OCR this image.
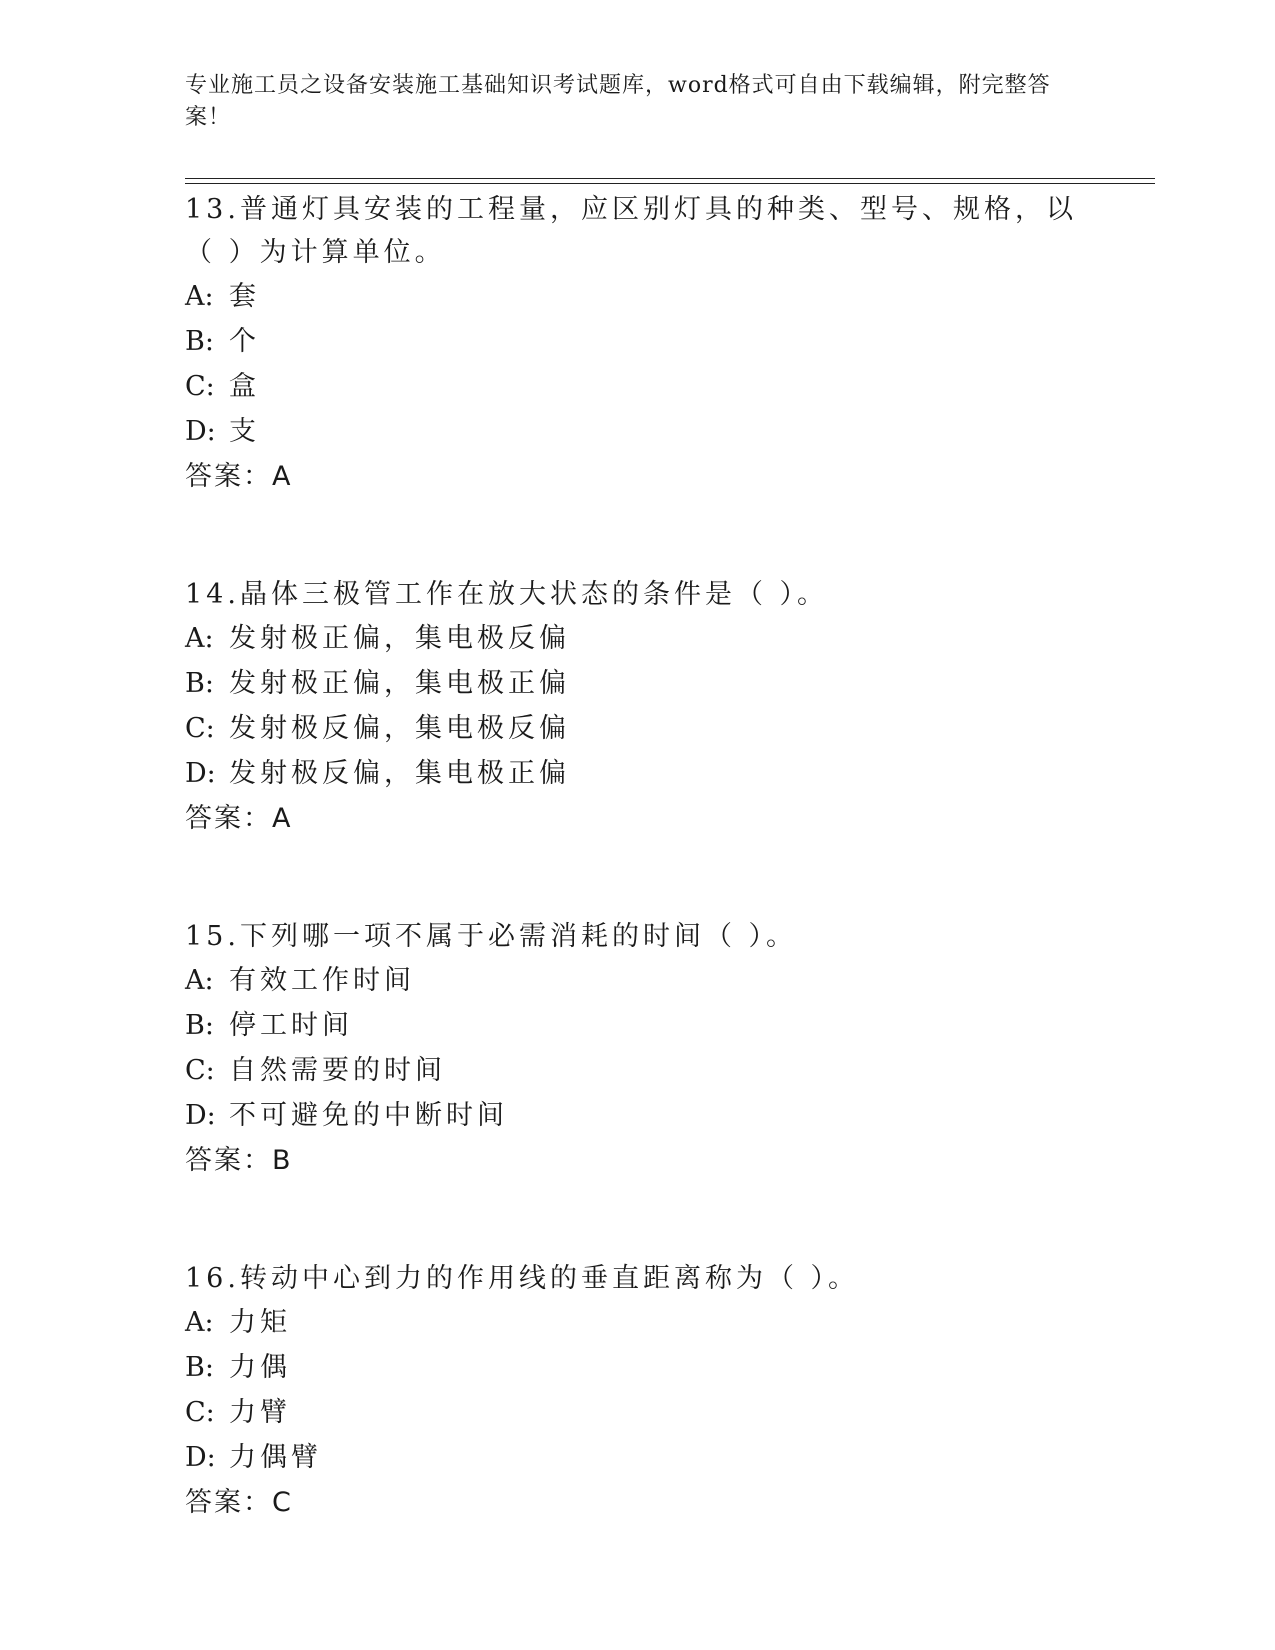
专业施工员之设备安装施工基础知识考试题库，word格式可自由下载编辑，附完整答案！
13.普通灯具安装的工程量，应区别灯具的种类、型号、规格，以（ ）为计算单位。
A: 套
B: 个
C: 盒
D: 支
答案：A
14.晶体三极管工作在放大状态的条件是（ ）。
A: 发射极正偏，集电极反偏
B: 发射极正偏，集电极正偏
C: 发射极反偏，集电极反偏
D: 发射极反偏，集电极正偏
答案：A
15.下列哪一项不属于必需消耗的时间（ ）。
A: 有效工作时间
B: 停工时间
C: 自然需要的时间
D: 不可避免的中断时间
答案：B
16.转动中心到力的作用线的垂直距离称为（ ）。
A: 力矩
B: 力偶
C: 力臂
D: 力偶臂
答案：C
